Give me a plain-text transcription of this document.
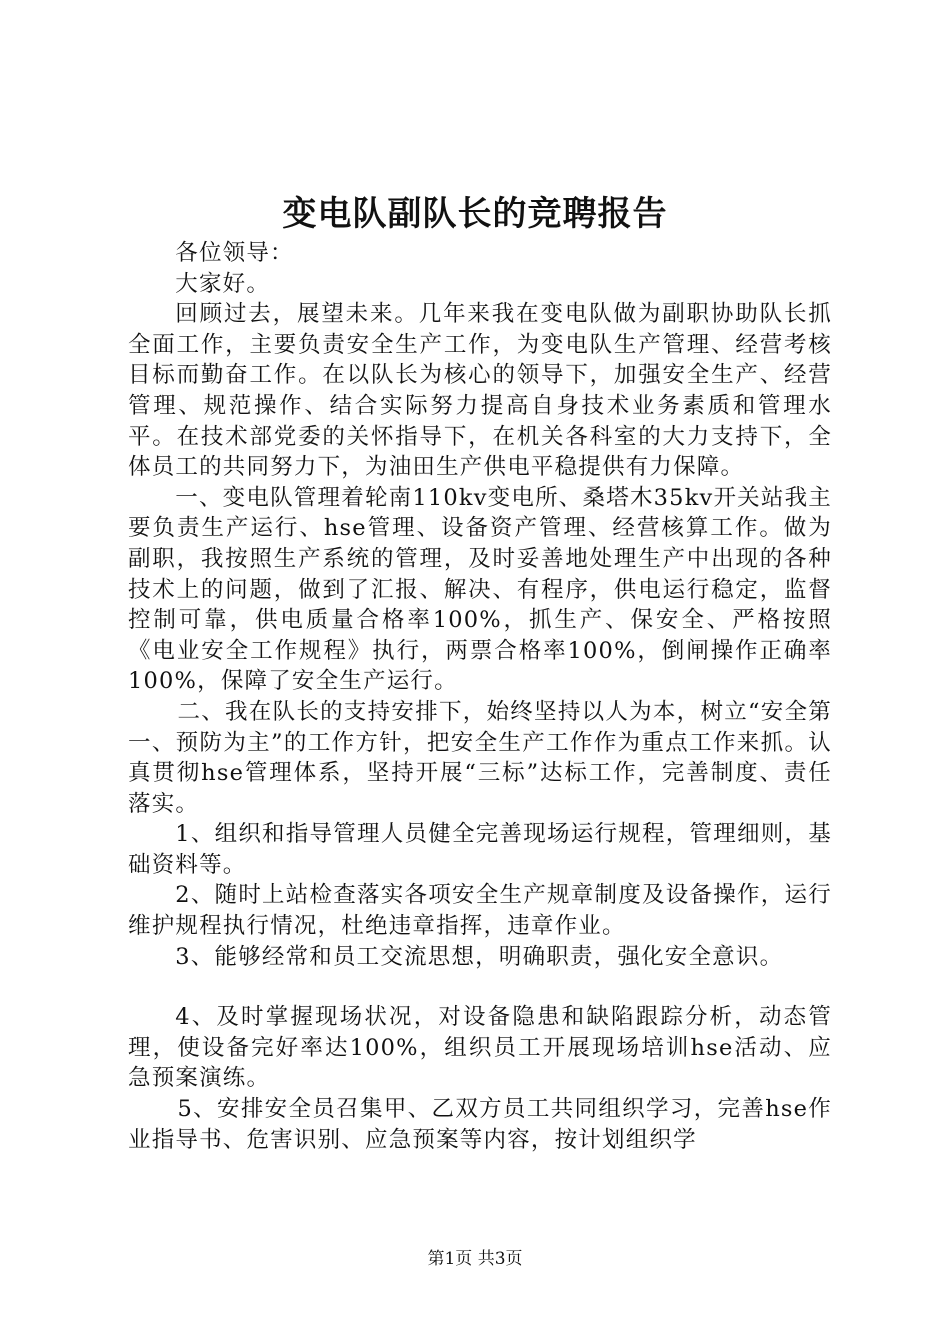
变电队副队长的竞聘报告

各位领导：

大家好。

回顾过去，展望未来。几年来我在变电队做为副职协助队长抓全面工作，主要负责安全生产工作，为变电队生产管理、经营考核目标而勤奋工作。在以队长为核心的领导下，加强安全生产、经营管理、规范操作、结合实际努力提高自身技术业务素质和管理水平。在技术部党委的关怀指导下，在机关各科室的大力支持下，全体员工的共同努力下，为油田生产供电平稳提供有力保障。

一、变电队管理着轮南110kv变电所、桑塔木35kv开关站我主要负责生产运行、hse管理、设备资产管理、经营核算工作。做为副职，我按照生产系统的管理，及时妥善地处理生产中出现的各种技术上的问题，做到了汇报、解决、有程序，供电运行稳定，监督控制可靠，供电质量合格率100%，抓生产、保安全、严格按照《电业安全工作规程》执行，两票合格率100%，倒闸操作正确率100%，保障了安全生产运行。

二、我在队长的支持安排下，始终坚持以人为本，树立“安全第一、预防为主”的工作方针，把安全生产工作作为重点工作来抓。认真贯彻hse管理体系，坚持开展“三标”达标工作，完善制度、责任落实。

1、组织和指导管理人员健全完善现场运行规程，管理细则，基础资料等。

2、随时上站检查落实各项安全生产规章制度及设备操作，运行维护规程执行情况，杜绝违章指挥，违章作业。

3、能够经常和员工交流思想，明确职责，强化安全意识。

4、及时掌握现场状况，对设备隐患和缺陷跟踪分析，动态管理，使设备完好率达100%，组织员工开展现场培训hse活动、应急预案演练。

5、安排安全员召集甲、乙双方员工共同组织学习，完善hse作业指导书、危害识别、应急预案等内容，按计划组织学

第1页 共3页
